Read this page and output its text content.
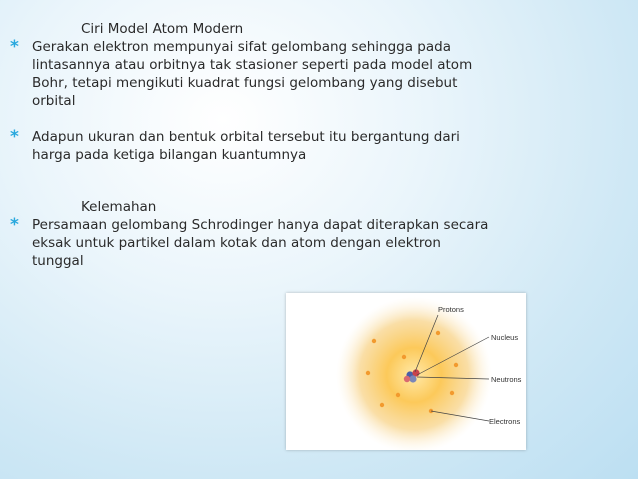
Ciri Model Atom Modern
* Gerakan elektron mempunyai sifat gelombang sehingga pada lintasannya atau orbitnya tak stasioner seperti pada model atom Bohr, tetapi mengikuti kuadrat fungsi gelombang yang disebut orbital
* Adapun ukuran dan bentuk orbital tersebut itu bergantung dari harga pada ketiga bilangan kuantumnya
Kelemahan
* Persamaan gelombang Schrodinger hanya dapat diterapkan secara eksak untuk partikel dalam kotak dan atom dengan elektron tunggal
Protons
Nucleus
Neutrons
Electrons
